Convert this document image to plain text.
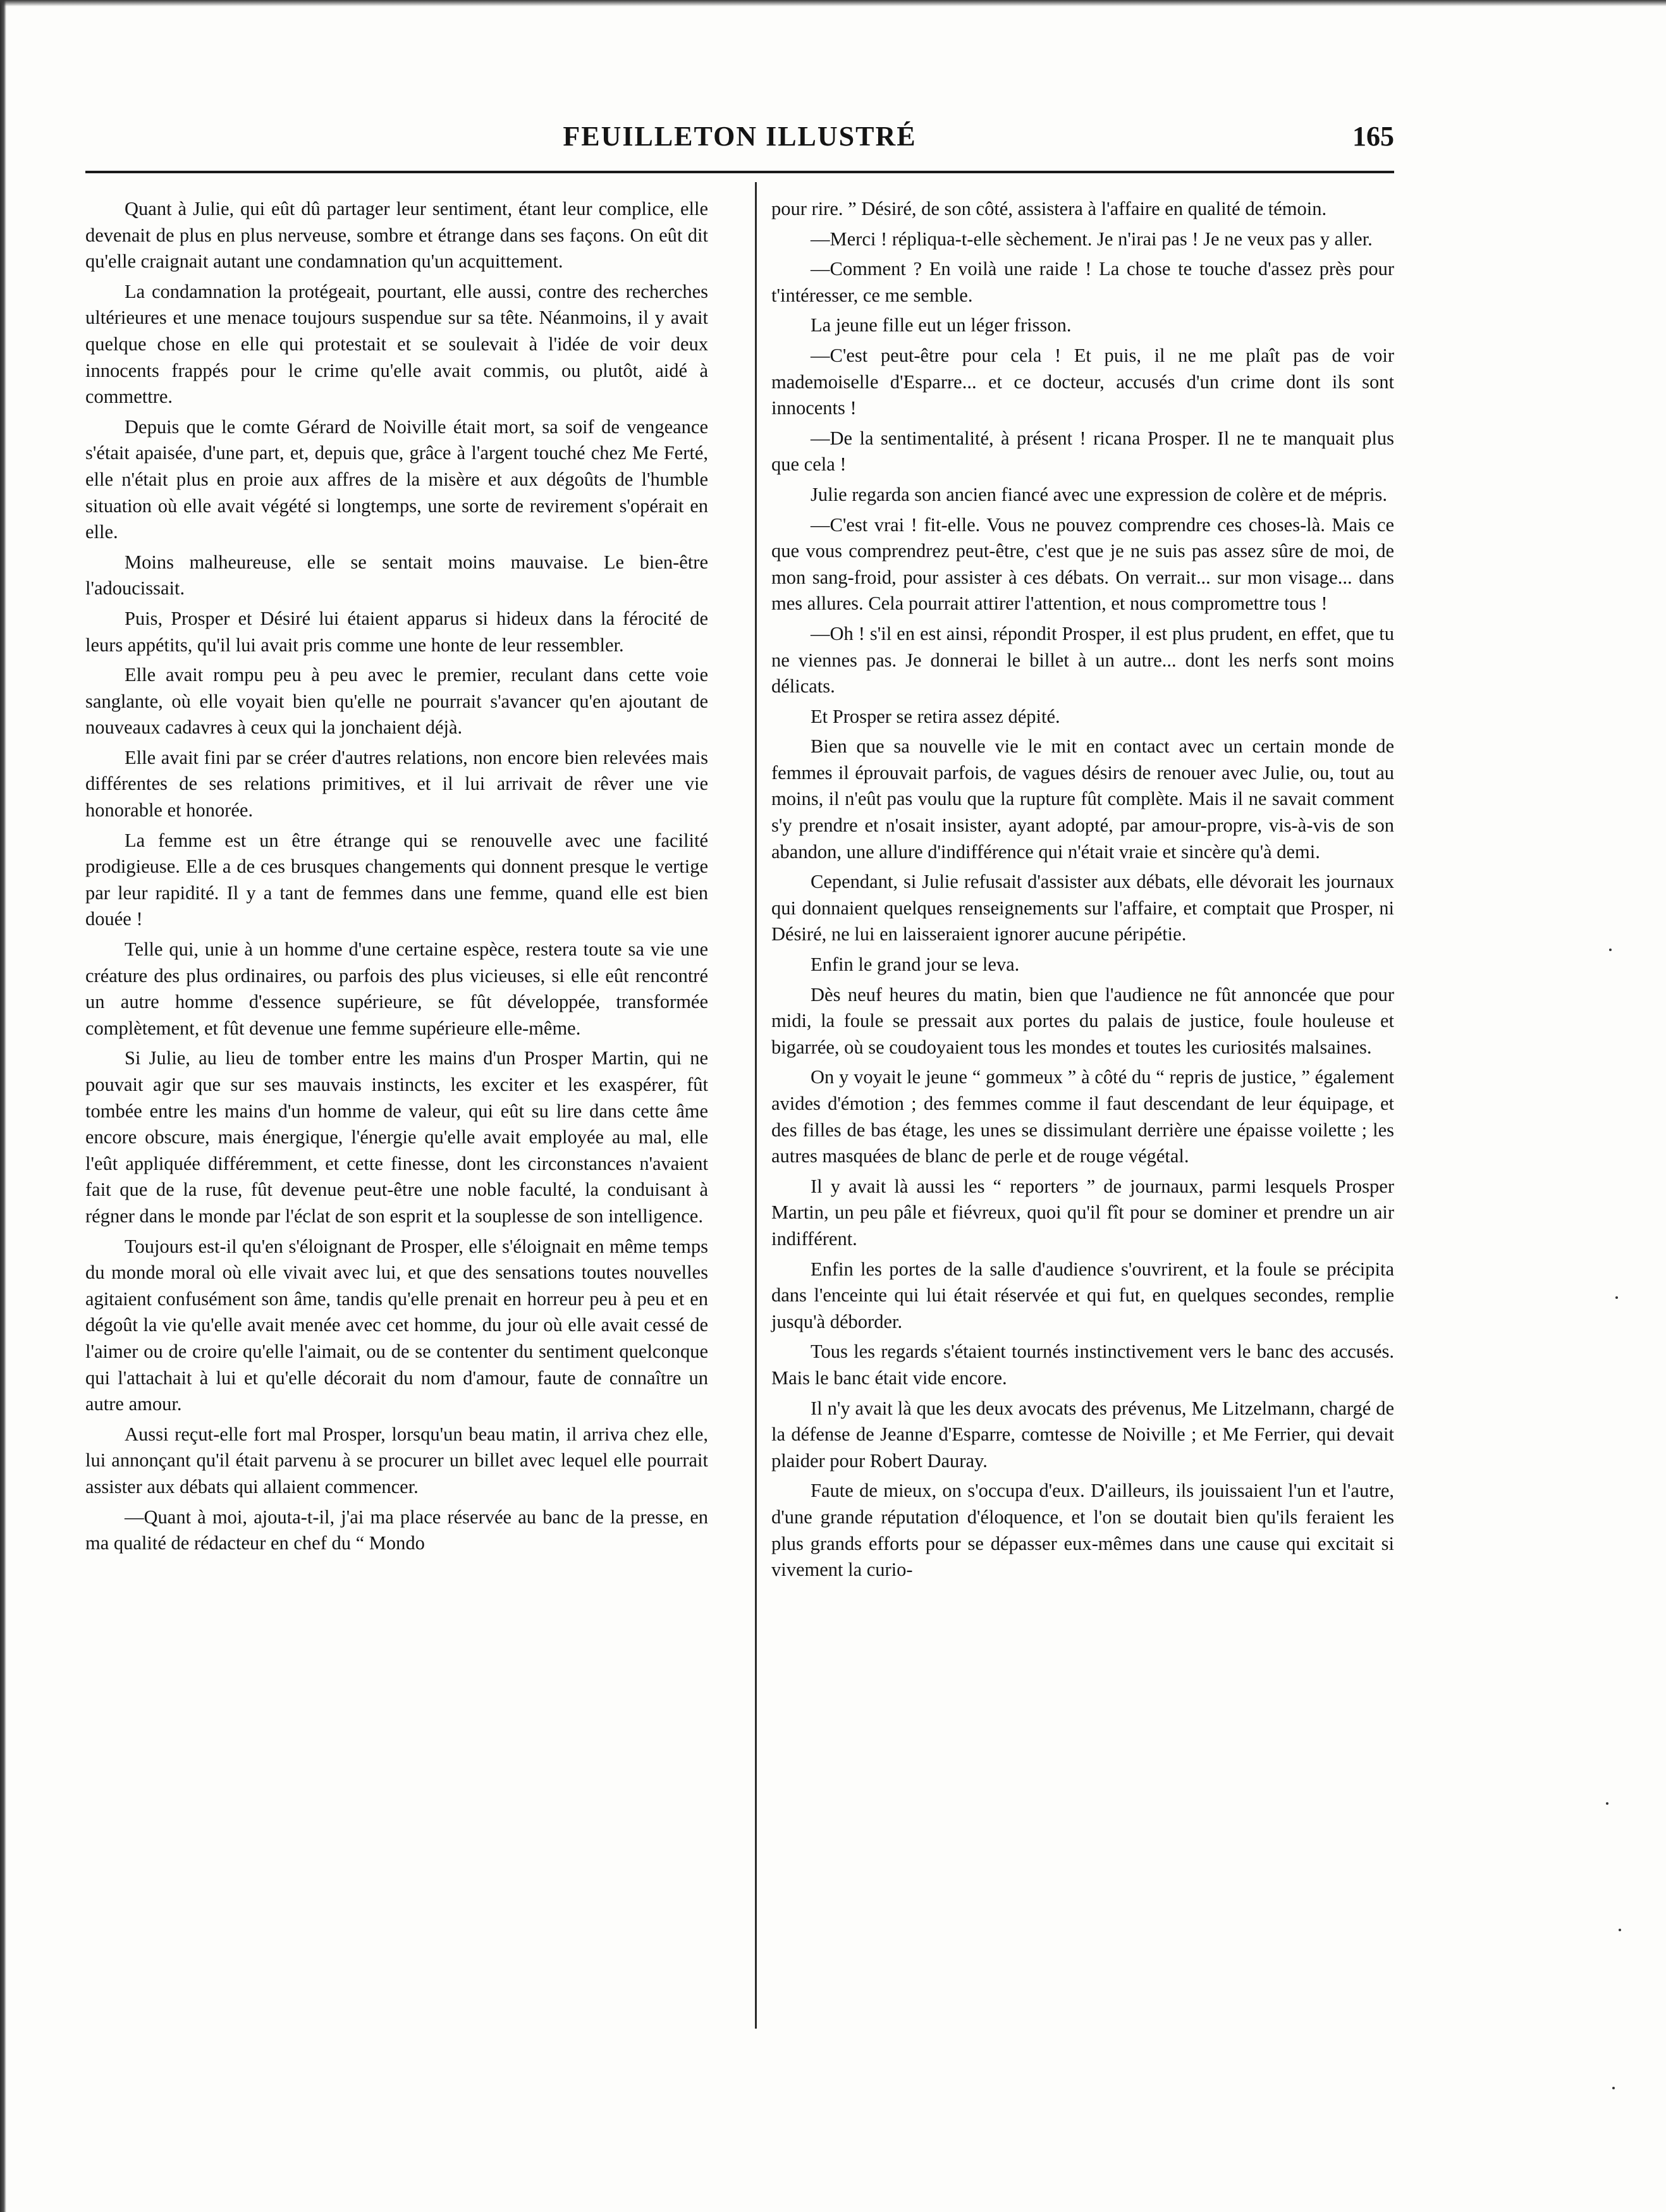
FEUILLETON ILLUSTRÉ	165

Quant à Julie, qui eût dû partager leur sentiment, étant leur complice, elle devenait de plus en plus nerveuse, sombre et étrange dans ses façons. On eût dit qu'elle craignait autant une condamnation qu'un acquittement.

La condamnation la protégeait, pourtant, elle aussi, contre des recherches ultérieures et une menace toujours suspendue sur sa tête. Néanmoins, il y avait quelque chose en elle qui protestait et se soulevait à l'idée de voir deux innocents frappés pour le crime qu'elle avait commis, ou plutôt, aidé à commettre.

Depuis que le comte Gérard de Noiville était mort, sa soif de vengeance s'était apaisée, d'une part, et, depuis que, grâce à l'argent touché chez Me Ferté, elle n'était plus en proie aux affres de la misère et aux dégoûts de l'humble situation où elle avait végété si longtemps, une sorte de revirement s'opérait en elle.

Moins malheureuse, elle se sentait moins mauvaise. Le bien-être l'adoucissait.

Puis, Prosper et Désiré lui étaient apparus si hideux dans la férocité de leurs appétits, qu'il lui avait pris comme une honte de leur ressembler.

Elle avait rompu peu à peu avec le premier, reculant dans cette voie sanglante, où elle voyait bien qu'elle ne pourrait s'avancer qu'en ajoutant de nouveaux cadavres à ceux qui la jonchaient déjà.

Elle avait fini par se créer d'autres relations, non encore bien relevées mais différentes de ses relations primitives, et il lui arrivait de rêver une vie honorable et honorée.

La femme est un être étrange qui se renouvelle avec une facilité prodigieuse. Elle a de ces brusques changements qui donnent presque le vertige par leur rapidité. Il y a tant de femmes dans une femme, quand elle est bien douée !

Telle qui, unie à un homme d'une certaine espèce, restera toute sa vie une créature des plus ordinaires, ou parfois des plus vicieuses, si elle eût rencontré un autre homme d'essence supérieure, se fût développée, transformée complètement, et fût devenue une femme supérieure elle-même.

Si Julie, au lieu de tomber entre les mains d'un Prosper Martin, qui ne pouvait agir que sur ses mauvais instincts, les exciter et les exaspérer, fût tombée entre les mains d'un homme de valeur, qui eût su lire dans cette âme encore obscure, mais énergique, l'énergie qu'elle avait employée au mal, elle l'eût appliquée différemment, et cette finesse, dont les circonstances n'avaient fait que de la ruse, fût devenue peut-être une noble faculté, la conduisant à régner dans le monde par l'éclat de son esprit et la souplesse de son intelligence.

Toujours est-il qu'en s'éloignant de Prosper, elle s'éloignait en même temps du monde moral où elle vivait avec lui, et que des sensations toutes nouvelles agitaient confusément son âme, tandis qu'elle prenait en horreur peu à peu et en dégoût la vie qu'elle avait menée avec cet homme, du jour où elle avait cessé de l'aimer ou de croire qu'elle l'aimait, ou de se contenter du sentiment quelconque qui l'attachait à lui et qu'elle décorait du nom d'amour, faute de connaître un autre amour.

Aussi reçut-elle fort mal Prosper, lorsqu'un beau matin, il arriva chez elle, lui annonçant qu'il était parvenu à se procurer un billet avec lequel elle pourrait assister aux débats qui allaient commencer.

—Quant à moi, ajouta-t-il, j'ai ma place réservée au banc de la presse, en ma qualité de rédacteur en chef du “ Mondo

pour rire. ” Désiré, de son côté, assistera à l'affaire en qualité de témoin.

—Merci ! répliqua-t-elle sèchement. Je n'irai pas ! Je ne veux pas y aller.

—Comment ? En voilà une raide ! La chose te touche d'assez près pour t'intéresser, ce me semble.

La jeune fille eut un léger frisson.

—C'est peut-être pour cela ! Et puis, il ne me plaît pas de voir mademoiselle d'Esparre... et ce docteur, accusés d'un crime dont ils sont innocents !

—De la sentimentalité, à présent ! ricana Prosper. Il ne te manquait plus que cela !

Julie regarda son ancien fiancé avec une expression de colère et de mépris.

—C'est vrai ! fit-elle. Vous ne pouvez comprendre ces choses-là. Mais ce que vous comprendrez peut-être, c'est que je ne suis pas assez sûre de moi, de mon sang-froid, pour assister à ces débats. On verrait... sur mon visage... dans mes allures. Cela pourrait attirer l'attention, et nous compromettre tous !

—Oh ! s'il en est ainsi, répondit Prosper, il est plus prudent, en effet, que tu ne viennes pas. Je donnerai le billet à un autre... dont les nerfs sont moins délicats.

Et Prosper se retira assez dépité.

Bien que sa nouvelle vie le mit en contact avec un certain monde de femmes il éprouvait parfois, de vagues désirs de renouer avec Julie, ou, tout au moins, il n'eût pas voulu que la rupture fût complète. Mais il ne savait comment s'y prendre et n'osait insister, ayant adopté, par amour-propre, vis-à-vis de son abandon, une allure d'indifférence qui n'était vraie et sincère qu'à demi.

Cependant, si Julie refusait d'assister aux débats, elle dévorait les journaux qui donnaient quelques renseignements sur l'affaire, et comptait que Prosper, ni Désiré, ne lui en laisseraient ignorer aucune péripétie.

Enfin le grand jour se leva.

Dès neuf heures du matin, bien que l'audience ne fût annoncée que pour midi, la foule se pressait aux portes du palais de justice, foule houleuse et bigarrée, où se coudoyaient tous les mondes et toutes les curiosités malsaines.

On y voyait le jeune “ gommeux ” à côté du “ repris de justice, ” également avides d'émotion ; des femmes comme il faut descendant de leur équipage, et des filles de bas étage, les unes se dissimulant derrière une épaisse voilette ; les autres masquées de blanc de perle et de rouge végétal.

Il y avait là aussi les “ reporters ” de journaux, parmi lesquels Prosper Martin, un peu pâle et fiévreux, quoi qu'il fît pour se dominer et prendre un air indifférent.

Enfin les portes de la salle d'audience s'ouvrirent, et la foule se précipita dans l'enceinte qui lui était réservée et qui fut, en quelques secondes, remplie jusqu'à déborder.

Tous les regards s'étaient tournés instinctivement vers le banc des accusés. Mais le banc était vide encore.

Il n'y avait là que les deux avocats des prévenus, Me Litzelmann, chargé de la défense de Jeanne d'Esparre, comtesse de Noiville ; et Me Ferrier, qui devait plaider pour Robert Dauray.

Faute de mieux, on s'occupa d'eux. D'ailleurs, ils jouissaient l'un et l'autre, d'une grande réputation d'éloquence, et l'on se doutait bien qu'ils feraient les plus grands efforts pour se dépasser eux-mêmes dans une cause qui excitait si vivement la curio-
